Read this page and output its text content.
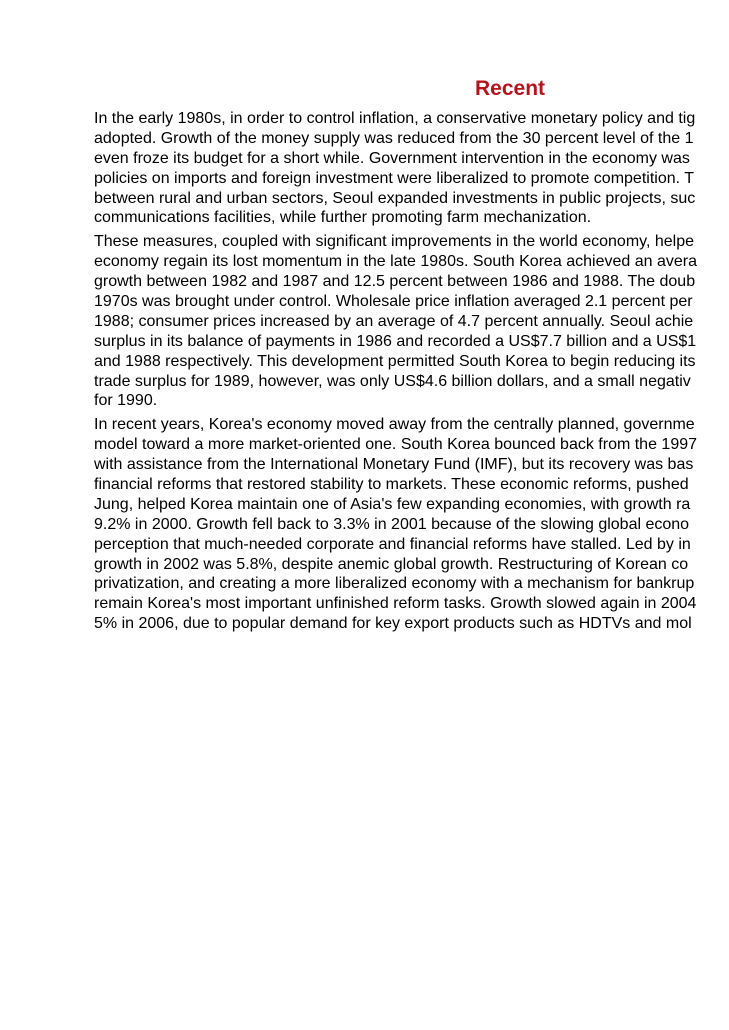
Recent
In the early 1980s, in order to control inflation, a conservative monetary policy and tig
adopted. Growth of the money supply was reduced from the 30 percent level of the 1
even froze its budget for a short while. Government intervention in the economy was
policies on imports and foreign investment were liberalized to promote competition. T
between rural and urban sectors, Seoul expanded investments in public projects, suc
communications facilities, while further promoting farm mechanization.
These measures, coupled with significant improvements in the world economy, helpe
economy regain its lost momentum in the late 1980s. South Korea achieved an avera
growth between 1982 and 1987 and 12.5 percent between 1986 and 1988. The doub
1970s was brought under control. Wholesale price inflation averaged 2.1 percent per
1988; consumer prices increased by an average of 4.7 percent annually. Seoul achie
surplus in its balance of payments in 1986 and recorded a US$7.7 billion and a US$1
and 1988 respectively. This development permitted South Korea to begin reducing its
trade surplus for 1989, however, was only US$4.6 billion dollars, and a small negativ
for 1990.
In recent years, Korea's economy moved away from the centrally planned, governme
model toward a more market-oriented one. South Korea bounced back from the 1997
with assistance from the International Monetary Fund (IMF), but its recovery was bas
financial reforms that restored stability to markets. These economic reforms, pushed
Jung, helped Korea maintain one of Asia's few expanding economies, with growth ra
9.2% in 2000. Growth fell back to 3.3% in 2001 because of the slowing global econo
perception that much-needed corporate and financial reforms have stalled. Led by in
growth in 2002 was 5.8%, despite anemic global growth. Restructuring of Korean co
privatization, and creating a more liberalized economy with a mechanism for bankrup
remain Korea's most important unfinished reform tasks. Growth slowed again in 2004
5% in 2006, due to popular demand for key export products such as HDTVs and mol
